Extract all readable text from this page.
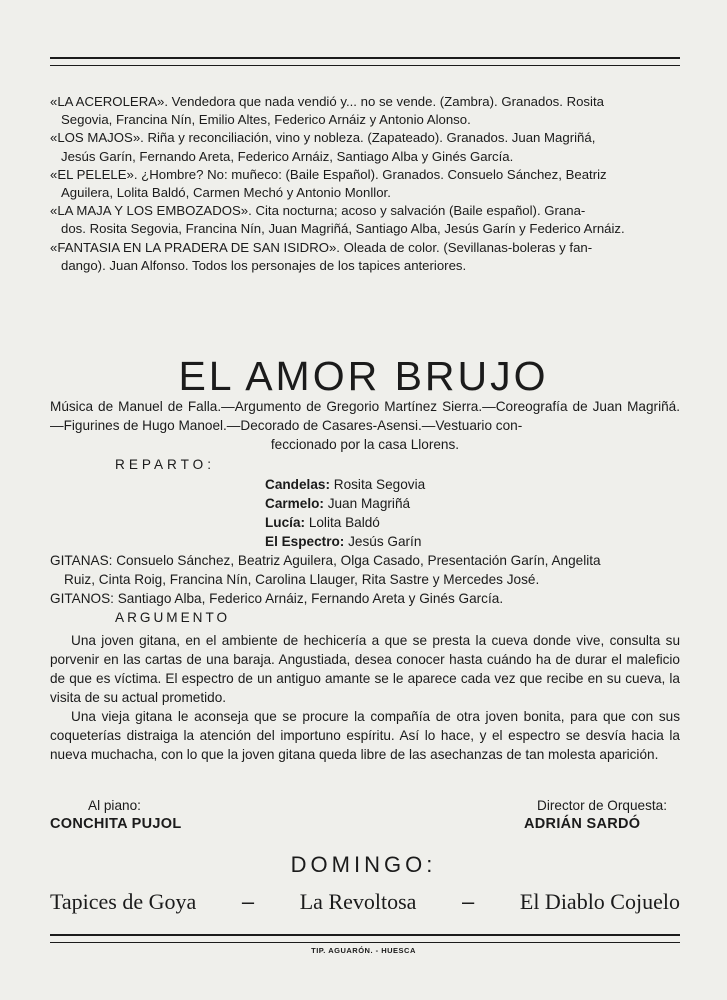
«LA ACEROLERA». Vendedora que nada vendió y... no se vende. (Zambra). Granados. Rosita
Segovia, Francina Nín, Emilio Altes, Federico Arnáiz y Antonio Alonso.

«LOS MAJOS». Riña y reconciliación, vino y nobleza. (Zapateado). Granados. Juan Magriñá,
Jesús Garín, Fernando Areta, Federico Arnáiz, Santiago Alba y Ginés García.

«EL PELELE». ¿Hombre? No: muñeco: (Baile Español). Granados. Consuelo Sánchez, Beatriz
Aguilera, Lolita Baldó, Carmen Mechó y Antonio Monllor.

«LA MAJA Y LOS EMBOZADOS». Cita nocturna; acoso y salvación (Baile español). Grana-
dos. Rosita Segovia, Francina Nín, Juan Magriñá, Santiago Alba, Jesús Garín y Federico Arnáiz.

«FANTASIA EN LA PRADERA DE SAN ISIDRO». Oleada de color. (Sevillanas-boleras y fan-
dango). Juan Alfonso. Todos los personajes de los tapices anteriores.

EL AMOR BRUJO
Música de Manuel de Falla.—Argumento de Gregorio Martínez Sierra.—Coreografía de Juan Magriñá.—Figurines de Hugo Manoel.—Decorado de Casares-Asensi.—Vestuario con-
feccionado por la casa Llorens.
REPARTO:
Candelas: Rosita Segovia
Carmelo: Juan Magriñá
Lucía: Lolita Baldó
El Espectro: Jesús Garín
GITANAS: Consuelo Sánchez, Beatriz Aguilera, Olga Casado, Presentación Garín, Angelita
Ruiz, Cinta Roig, Francina Nín, Carolina Llauger, Rita Sastre y Mercedes José.
GITANOS: Santiago Alba, Federico Arnáiz, Fernando Areta y Ginés García.
ARGUMENTO

Una joven gitana, en el ambiente de hechicería a que se presta la cueva donde vive, consulta su porvenir en las cartas de una baraja. Angustiada, desea conocer hasta cuándo ha de durar el maleficio de que es víctima. El espectro de un antiguo amante se le aparece cada vez que recibe en su cueva, la visita de su actual prometido.

Una vieja gitana le aconseja que se procure la compañía de otra joven bonita, para que con sus coqueterías distraiga la atención del importuno espíritu. Así lo hace, y el espectro se desvía hacia la nueva muchacha, con lo que la joven gitana queda libre de las asechanzas de tan molesta aparición.

Al piano:
CONCHITA PUJOL
Director de Orquesta:
ADRIÁN SARDÓ
DOMINGO:
Tapices de Goya – La Revoltosa – El Diablo Cojuelo
TIP. AGUARÓN. - HUESCA
